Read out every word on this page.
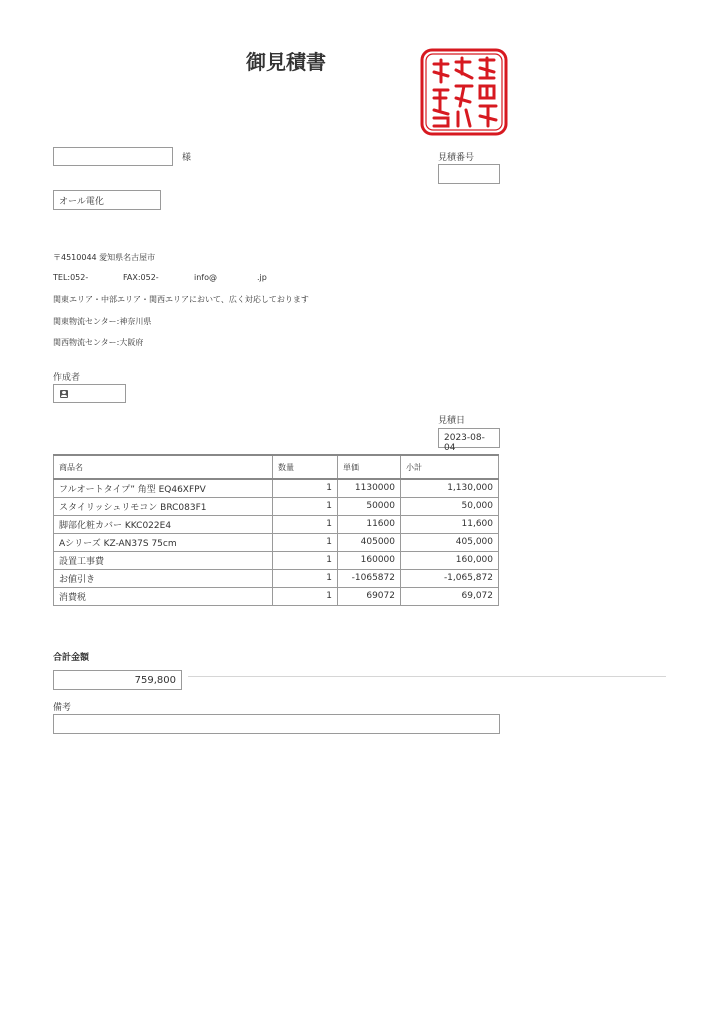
御見積書
様	見積番号
オール電化
〒4510044 愛知県名古屋市
TEL:052-	FAX:052-	info@	.jp
関東エリア・中部エリア・関西エリアにおいて、広く対応しております
関東物流センター:神奈川県
関西物流センター:大阪府
作成者
見積日
2023-08-04
商品名	数量	単価	小計
フルオートタイプ” 角型 EQ46XFPV	1	1130000	1,130,000
スタイリッシュリモコン BRC083F1	1	50000	50,000
脚部化粧カバー KKC022E4	1	11600	11,600
Aシリーズ KZ-AN37S 75cm	1	405000	405,000
設置工事費	1	160000	160,000
お値引き	1	-1065872	-1,065,872
消費税	1	69072	69,072
合計金額
759,800
備考
